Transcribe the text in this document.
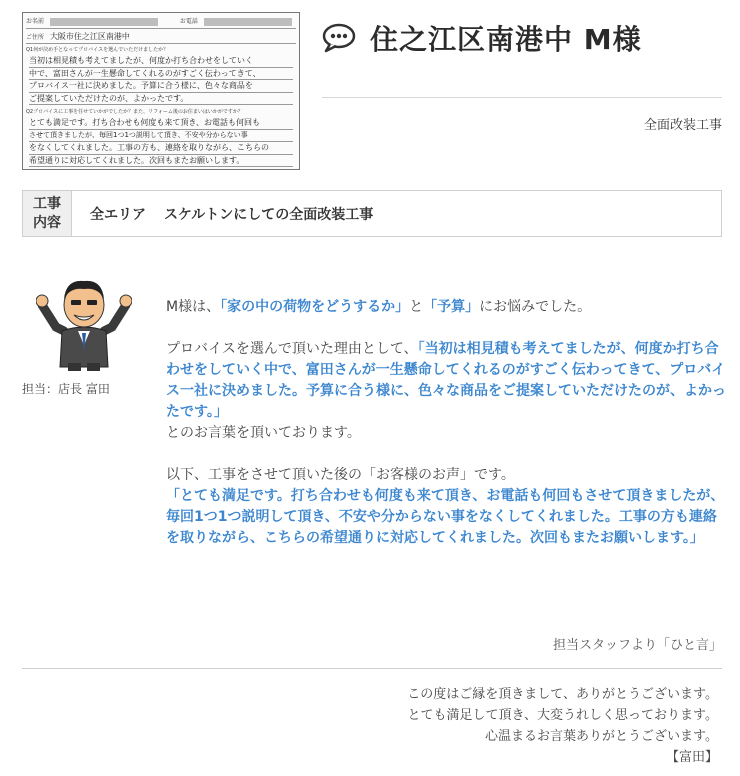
お名前	お電話
ご住所 大阪市住之江区南港中
Q1何が決め手となってプロバイスを選んでいただけましたか？
当初は相見積も考えてましたが、何度か打ち合わせをしていく
中で、富田さんが一生懸命してくれるのがすごく伝わってきて、
プロバイス一社に決めました。予算に合う様に、色々な商品を
ご提案していただけたのが、よかったです。
Q2プロバイスに工事を任せていかがでしたか？また、リフォーム後のお住まいはいかがですか？
とても満足です。打ち合わせも何度も来て頂き、お電話も何回も
させて頂きましたが、毎回1つ1つ説明して頂き、不安や分からない事
をなくしてくれました。工事の方も、連絡を取りながら、こちらの
希望通りに対応してくれました。次回もまたお願いします。
住之江区南港中 M様
全面改装工事
工事内容	全エリア	スケルトンにしての全面改装工事
担当：店長 富田

M様は、「家の中の荷物をどうするか」と「予算」にお悩みでした。

プロバイスを選んで頂いた理由として、「当初は相見積も考えてましたが、何度か打ち合わせをしていく中で、富田さんが一生懸命してくれるのがすごく伝わってきて、プロバイス一社に決めました。予算に合う様に、色々な商品をご提案していただけたのが、よかったです。」
とのお言葉を頂いております。

以下、工事をさせて頂いた後の「お客様のお声」です。
「とても満足です。打ち合わせも何度も来て頂き、お電話も何回もさせて頂きましたが、毎回1つ1つ説明して頂き、不安や分からない事をなくしてくれました。工事の方も連絡を取りながら、こちらの希望通りに対応してくれました。次回もまたお願いします。」

担当スタッフより「ひと言」
この度はご縁を頂きまして、ありがとうございます。
とても満足して頂き、大変うれしく思っております。
心温まるお言葉ありがとうございます。
【富田】
